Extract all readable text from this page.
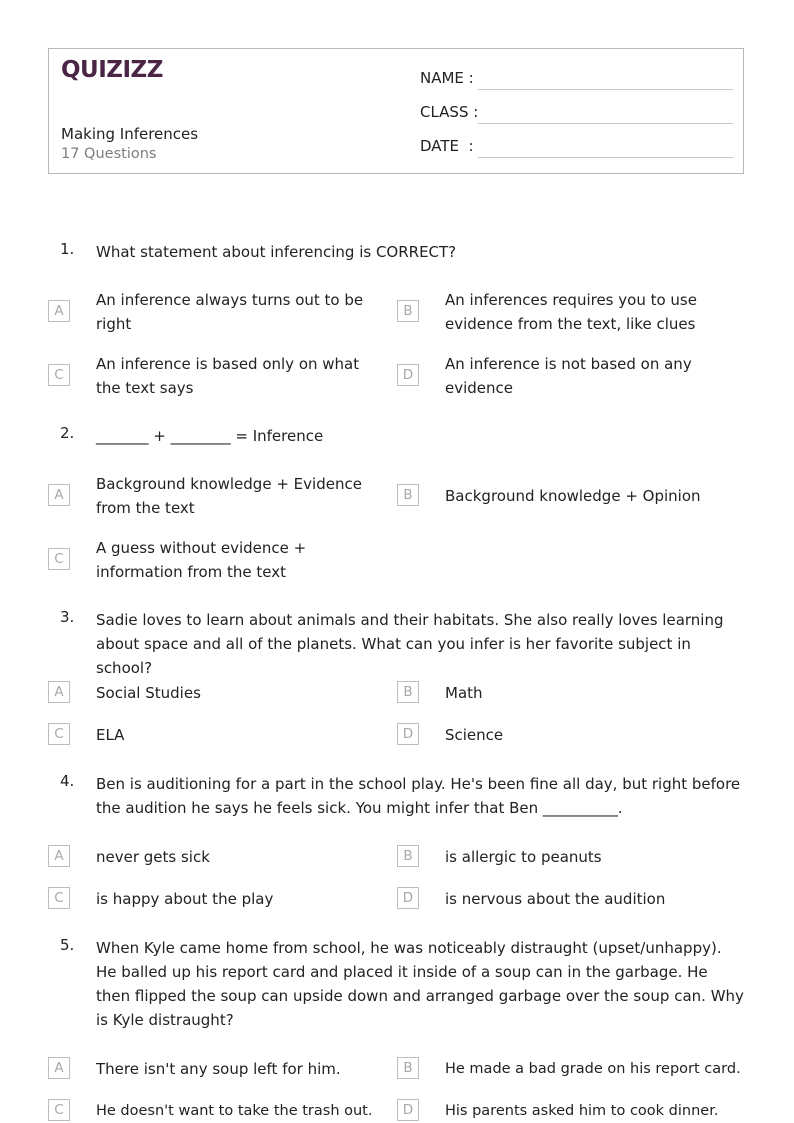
QUIZIZZ
Making Inferences
17 Questions
NAME :
CLASS :
DATE  :
1. What statement about inferencing is CORRECT?
A
An inference always turns out to be right
B
An inferences requires you to use evidence from the text, like clues
C
An inference is based only on what the text says
D
An inference is not based on any evidence
2. _______ + ________ = Inference
A
Background knowledge + Evidence from the text
B	Background knowledge + Opinion
C
A guess without evidence + information from the text
3. Sadie loves to learn about animals and their habitats. She also really loves learning about space and all of the planets. What can you infer is her favorite subject in school?
A	Social Studies	B	Math
C	ELA	D	Science
4. Ben is auditioning for a part in the school play. He's been fine all day, but right before the audition he says he feels sick. You might infer that Ben __________.
A	never gets sick	B	is allergic to peanuts
C	is happy about the play	D	is nervous about the audition
5. When Kyle came home from school, he was noticeably distraught (upset/unhappy). He balled up his report card and placed it inside of a soup can in the garbage. He then flipped the soup can upside down and arranged garbage over the soup can. Why is Kyle distraught?
A	There isn't any soup left for him.	B	He made a bad grade on his report card.
C	He doesn't want to take the trash out.	D	His parents asked him to cook dinner.
